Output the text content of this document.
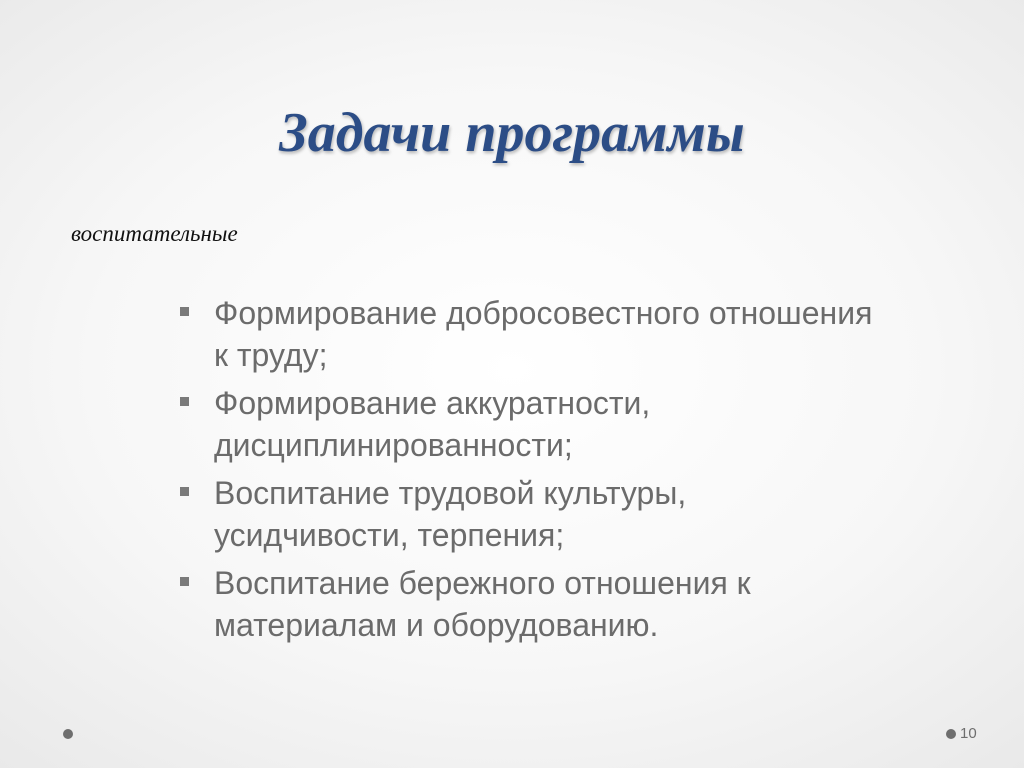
Задачи программы

воспитательные

Формирование добросовестного отношения к труду;
Формирование аккуратности, дисциплинированности;
Воспитание трудовой культуры, усидчивости, терпения;
Воспитание бережного отношения к материалам и оборудованию.
10
